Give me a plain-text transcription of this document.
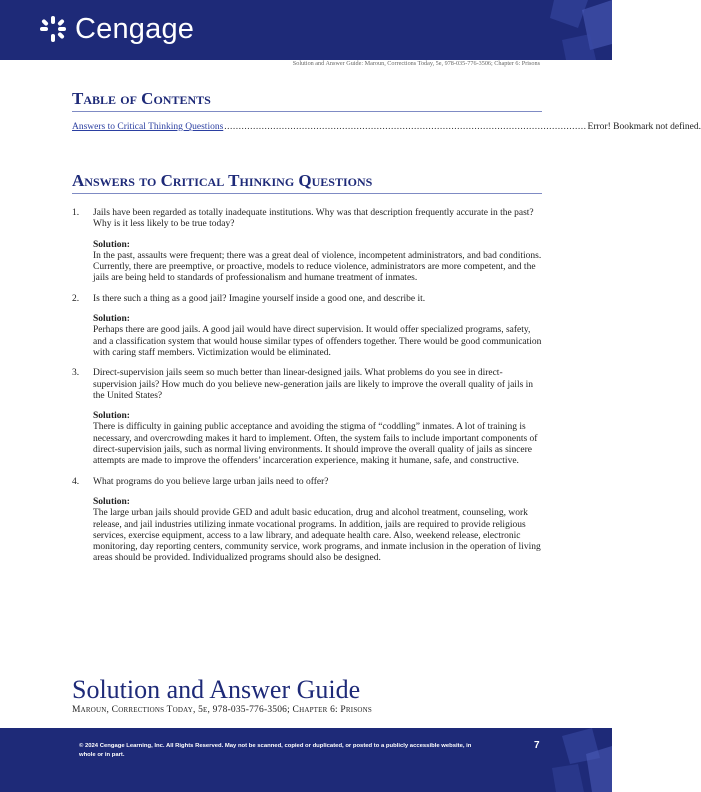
Cengage
Solution and Answer Guide: Maroun, Corrections Today, 5e, 978-035-776-3506; Chapter 6: Prisons
Table of Contents
Answers to Critical Thinking Questions .............................................................................................................................. Error! Bookmark not defined.
Answers to Critical Thinking Questions
1. Jails have been regarded as totally inadequate institutions. Why was that description frequently accurate in the past? Why is it less likely to be true today?
Solution:
In the past, assaults were frequent; there was a great deal of violence, incompetent administrators, and bad conditions. Currently, there are preemptive, or proactive, models to reduce violence, administrators are more competent, and the jails are being held to standards of professionalism and humane treatment of inmates.
2. Is there such a thing as a good jail? Imagine yourself inside a good one, and describe it.
Solution:
Perhaps there are good jails. A good jail would have direct supervision. It would offer specialized programs, safety, and a classification system that would house similar types of offenders together. There would be good communication with caring staff members. Victimization would be eliminated.
3. Direct-supervision jails seem so much better than linear-designed jails. What problems do you see in direct-supervision jails? How much do you believe new-generation jails are likely to improve the overall quality of jails in the United States?
Solution:
There is difficulty in gaining public acceptance and avoiding the stigma of “coddling” inmates. A lot of training is necessary, and overcrowding makes it hard to implement. Often, the system fails to include important components of direct-supervision jails, such as normal living environments. It should improve the overall quality of jails as sincere attempts are made to improve the offenders’ incarceration experience, making it humane, safe, and constructive.
4. What programs do you believe large urban jails need to offer?
Solution:
The large urban jails should provide GED and adult basic education, drug and alcohol treatment, counseling, work release, and jail industries utilizing inmate vocational programs. In addition, jails are required to provide religious services, exercise equipment, access to a law library, and adequate health care. Also, weekend release, electronic monitoring, day reporting centers, community service, work programs, and inmate inclusion in the operation of living areas should be provided. Individualized programs should also be designed.
Solution and Answer Guide
Maroun, Corrections Today, 5e, 978-035-776-3506; Chapter 6: Prisons
© 2024 Cengage Learning, Inc. All Rights Reserved. May not be scanned, copied or duplicated, or posted to a publicly accessible website, in whole or in part.
7
